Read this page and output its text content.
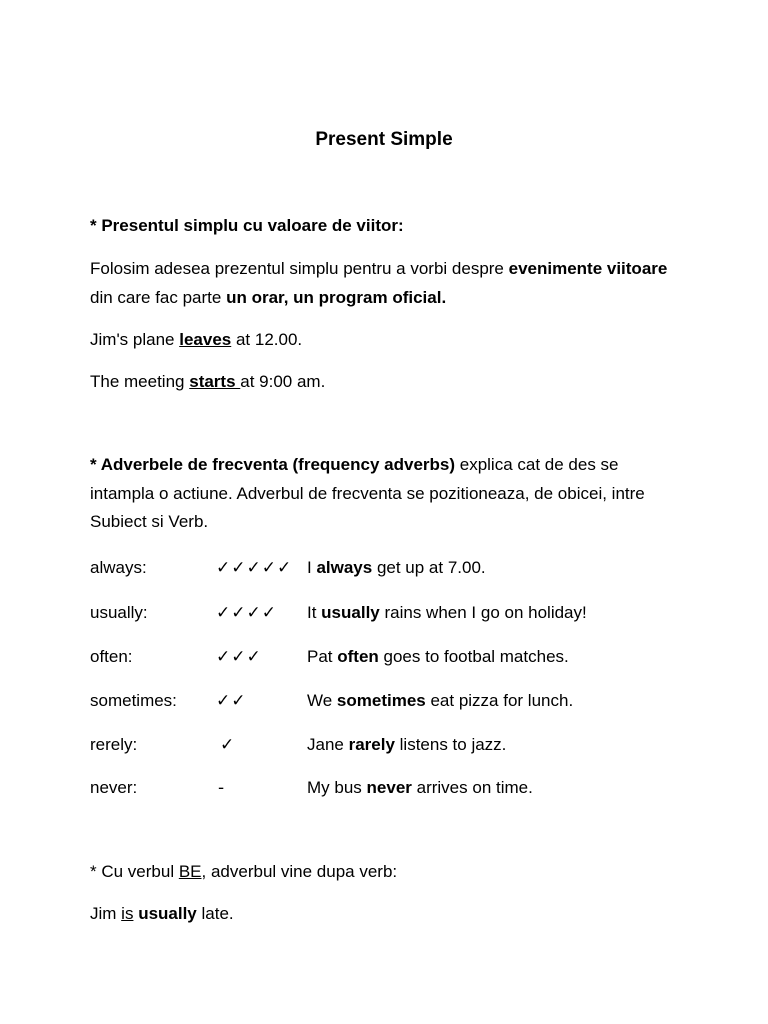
Present Simple
* Presentul simplu cu valoare de viitor:
Folosim adesea prezentul simplu pentru a vorbi despre evenimente viitoare din care fac parte un orar, un program oficial.
Jim's plane leaves at 12.00.
The meeting starts at 9:00 am.
* Adverbele de frecventa (frequency adverbs) explica cat de des se intampla o actiune. Adverbul de frecventa se pozitioneaza, de obicei, intre Subiect si Verb.
always:	✓✓✓✓✓ I always get up at 7.00.
usually:	✓✓✓✓ It usually rains when I go on holiday!
often:	✓✓✓	Pat often goes to footbal matches.
sometimes: ✓✓	We sometimes eat pizza for lunch.
rerely:	✓	Jane rarely listens to jazz.
never:	-	My bus never arrives on time.
* Cu verbul BE, adverbul vine dupa verb:
Jim is usually late.
